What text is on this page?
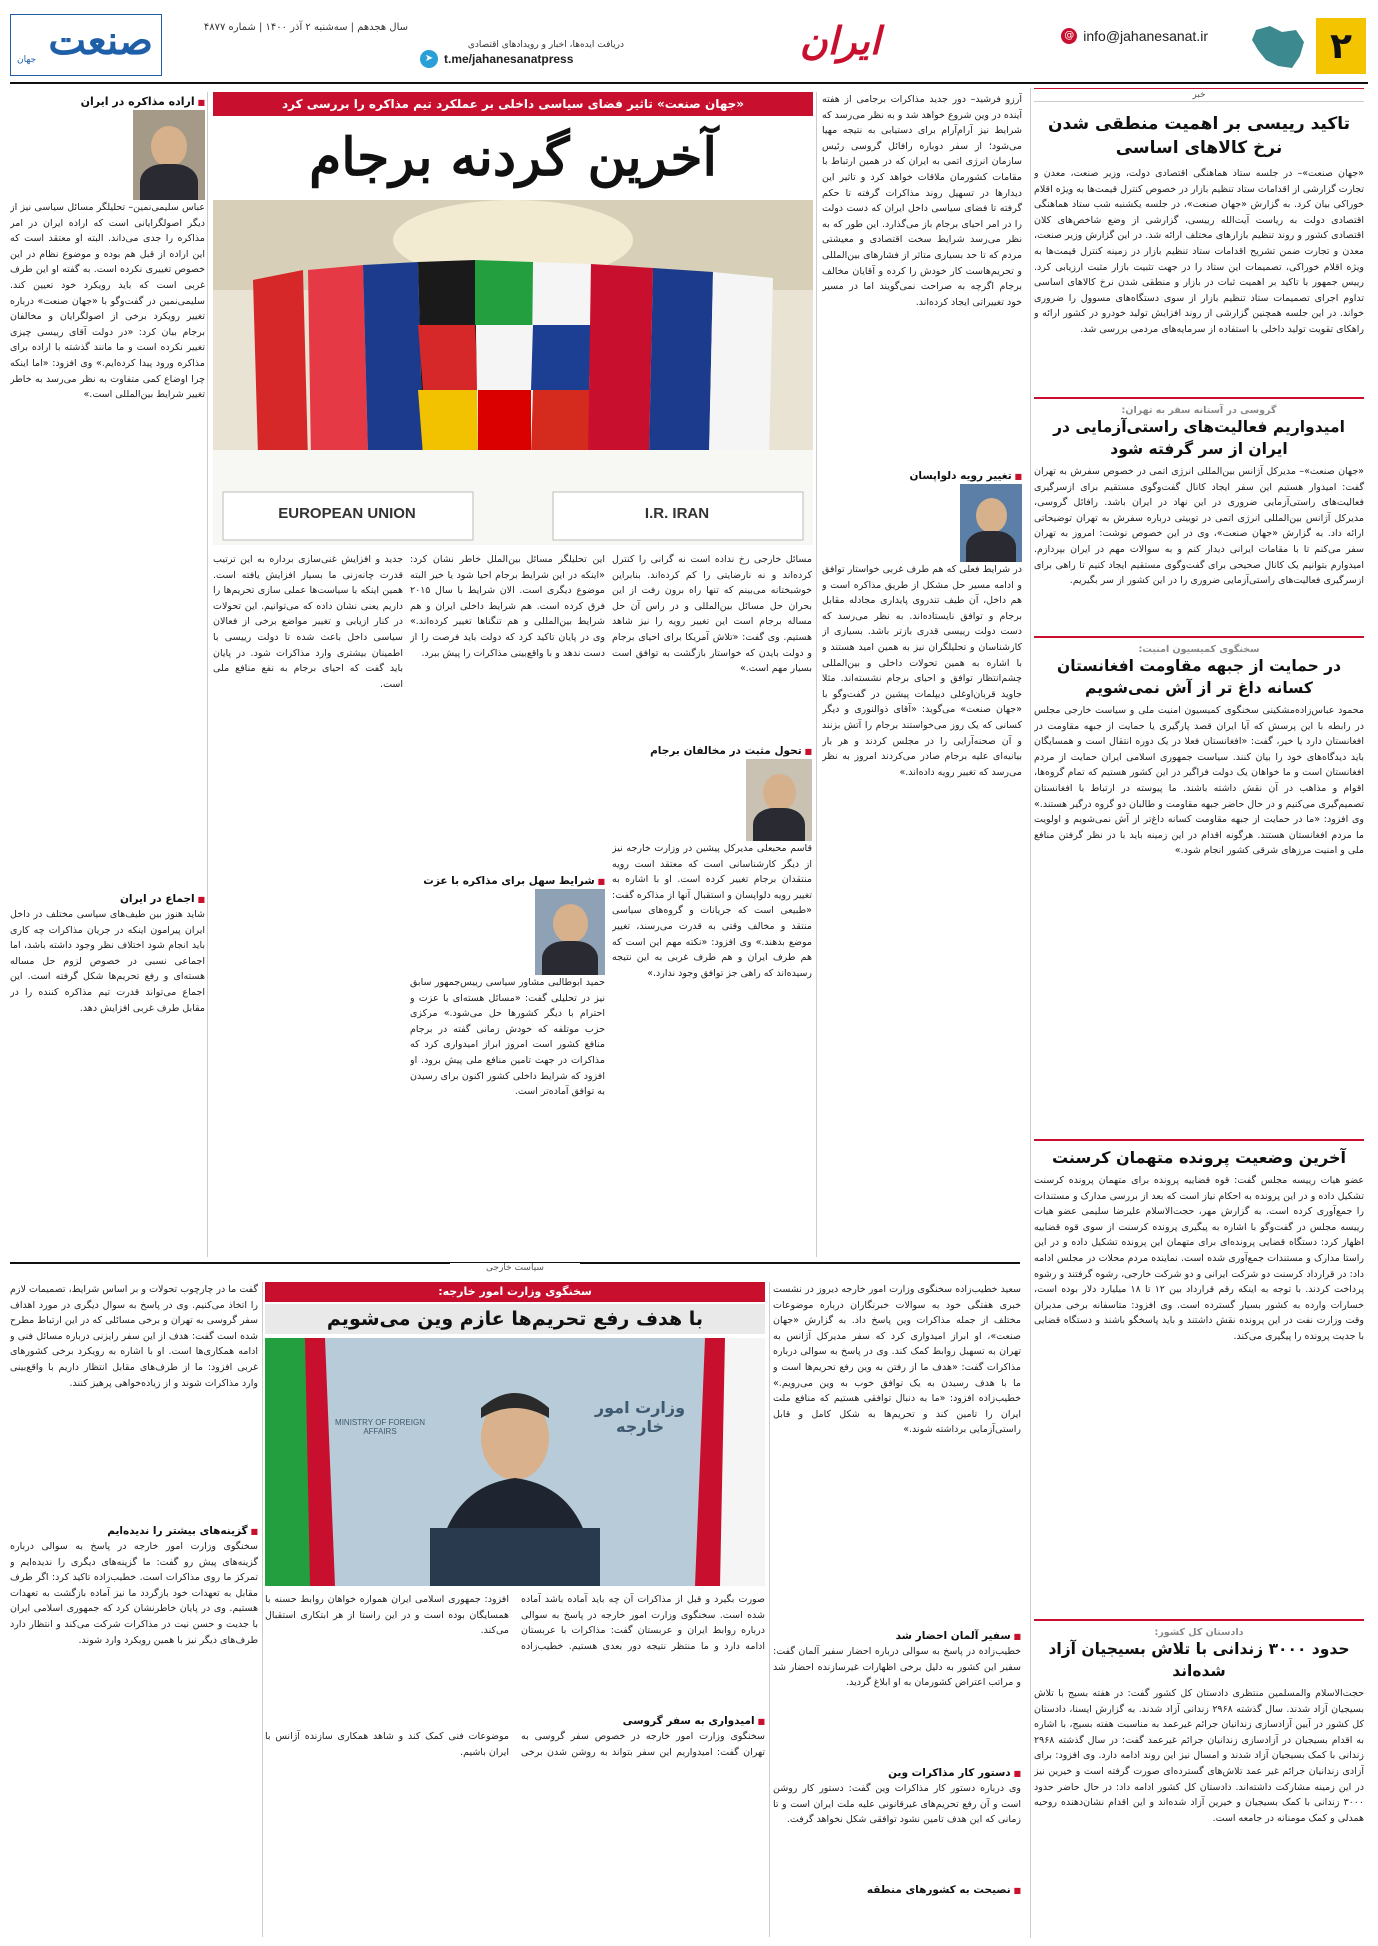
۲
@ info@jahanesanat.ir
ایران
دریافت ایده‌ها، اخبار و رویدادهای اقتصادی
t.me/jahanesanatpress
➤
سال هجدهم | سه‌شنبه ۲ آذر ۱۴۰۰ | شماره ۴۸۷۷
جهان صنعت
خبر
تاکید رییسی بر اهمیت منطقی شدن نرخ کالاهای اساسی
«جهان صنعت»– در جلسه ستاد هماهنگی اقتصادی دولت، وزیر صنعت، معدن و تجارت گزارشی از اقدامات ستاد تنظیم بازار در خصوص کنترل قیمت‌ها به ویژه اقلام خوراکی بیان کرد. به گزارش «جهان صنعت»، در جلسه یکشنبه شب ستاد هماهنگی اقتصادی دولت به ریاست آیت‌الله رییسی، گزارشی از وضع شاخص‌های کلان اقتصادی کشور و روند تنظیم بازار‌های مختلف ارائه شد. در این گزارش وزیر صنعت، معدن و تجارت ضمن تشریح اقدامات ستاد تنظیم بازار در زمینه کنترل قیمت‌ها به ویژه اقلام خوراکی، تصمیمات این ستاد را در جهت تثبیت بازار مثبت ارزیابی کرد. رییس جمهور با تاکید بر اهمیت ثبات در بازار و منطقی شدن نرخ کالاهای اساسی تداوم اجرای تصمیمات ستاد تنظیم بازار از سوی دستگاه‌های مسوول را ضروری خواند. در این جلسه همچنین گزارشی از روند افزایش تولید خودرو در کشور ارائه و راهکای تقویت تولید داخلی با استفاده از سرمایه‌های مردمی بررسی شد.
گروسی در آستانه سفر به تهران:
امیدواریم فعالیت‌های راستی‌آزمایی در ایران از سر گرفته شود
«جهان صنعت»– مدیرکل آژانس بین‌المللی انرژی اتمی در خصوص سفرش به تهران گفت: امیدوار هستیم این سفر ایجاد کانال گفت‌وگوی مستقیم برای ازسرگیری فعالیت‌های راستی‌آزمایی ضروری در این نهاد در ایران باشد. رافائل گروسی، مدیرکل آژانس بین‌المللی انرژی اتمی در توییتی درباره سفرش به تهران توضیحاتی ارائه داد. به گزارش «جهان صنعت»، وی در این خصوص نوشت: امروز به تهران سفر می‌کنم تا با مقامات ایرانی دیدار کنم و به سوالات مهم در ایران بپردازم. امیدوارم بتوانیم یک کانال صحیحی برای گفت‌وگوی مستقیم ایجاد کنیم تا راهی برای ازسرگیری فعالیت‌های راستی‌آزمایی ضروری را در این کشور از سر بگیریم.
سخنگوی کمیسیون امنیت:
در حمایت از جبهه مقاومت افغانستان کسانه داغ تر از آش نمی‌شویم
محمود عباس‌زاده‌مشکینی سخنگوی کمیسیون امنیت ملی و سیاست خارجی مجلس در رابطه با این پرسش که آیا ایران قصد پارگیری یا حمایت از جبهه مقاومت در افغانستان دارد یا خیر، گفت: «افغانستان فعلا در یک دوره انتقال است و همسایگان باید دیدگاه‌های خود را بیان کنند. سیاست جمهوری اسلامی ایران حمایت از مردم افغانستان است و ما خواهان یک دولت فراگیر در این کشور هستیم که تمام گروه‌ها، اقوام و مذاهب در آن نقش داشته باشند. ما پیوسته در ارتباط با افغانستان تصمیم‌گیری می‌کنیم و در حال حاضر جبهه مقاومت و طالبان دو گروه درگیر هستند.» وی افزود: «ما در حمایت از جبهه مقاومت کسانه داغ‌تر از آش نمی‌شویم و اولویت ما مردم افغانستان هستند. هرگونه اقدام در این زمینه باید با در نظر گرفتن منافع ملی و امنیت مرزهای شرقی کشور انجام شود.»
آخرین وضعیت پرونده متهمان کرسنت
عضو هیات رییسه مجلس گفت: قوه قضاییه پرونده برای متهمان پرونده کرسنت تشکیل داده و در این پرونده به احکام نیاز است که بعد از بررسی مدارک و مستندات را جمع‌آوری کرده است. به گزارش مهر، حجت‌الاسلام علیرضا سلیمی عضو هیات رییسه مجلس در گفت‌وگو با اشاره به پیگیری پرونده کرسنت از سوی قوه قضاییه اظهار کرد: دستگاه قضایی پرونده‌ای برای متهمان این پرونده تشکیل داده و در این راستا مدارک و مستندات جمع‌آوری شده است. نماینده مردم محلات در مجلس ادامه داد: در قرارداد کرسنت دو شرکت ایرانی و دو شرکت خارجی، رشوه گرفتند و رشوه پرداخت کردند. با توجه به اینکه رقم قرارداد بین ۱۲ تا ۱۸ میلیارد دلار بوده است، خسارات وارده به کشور بسیار گسترده است. وی افزود: متاسفانه برخی مدیران وقت وزارت نفت در این پرونده نقش داشتند و باید پاسخگو باشند و دستگاه قضایی با جدیت پرونده را پیگیری می‌کند.
دادستان کل کشور:
حدود ۳۰۰۰ زندانی با تلاش بسیجیان آزاد شده‌اند
حجت‌الاسلام والمسلمین منتظری دادستان کل کشور گفت: در هفته بسیج با تلاش بسیجیان آزاد شدند. سال گذشته ۲۹۶۸ زندانی آزاد شدند. به گزارش ایسنا، دادستان کل کشور در آیین آزادسازی زندانیان جرائم غیرعمد به مناسبت هفته بسیج، با اشاره به اقدام بسیجیان در آزادسازی زندانیان جرائم غیرعمد گفت: در سال گذشته ۲۹۶۸ زندانی با کمک بسیجیان آزاد شدند و امسال نیز این روند ادامه دارد. وی افزود: برای آزادی زندانیان جرائم غیر عمد تلاش‌های گسترده‌ای صورت گرفته است و خیرین نیز در این زمینه مشارکت داشته‌اند. دادستان کل کشور ادامه داد: در حال حاضر حدود ۳۰۰۰ زندانی با کمک بسیجیان و خیرین آزاد شده‌اند و این اقدام نشان‌دهنده روحیه همدلی و کمک مومنانه در جامعه است.
«جهان صنعت» تاثیر فضای سیاسی داخلی بر عملکرد تیم مذاکره را بررسی کرد
آخرین گردنه برجام
EUROPEAN UNION	I.R. IRAN
آرزو فرشید– دور جدید مذاکرات برجامی از هفته آینده در وین شروع خواهد شد و به نظر می‌رسد که شرایط نیز آرام‌آرام برای دستیابی به نتیجه مهیا می‌شود؛ از سفر دوباره رافائل گروسی رئیس سازمان انرژی اتمی به ایران که در همین ارتباط با مقامات کشورمان ملاقات خواهد کرد و تاثیر این دیدارها در تسهیل روند مذاکرات گرفته تا حکم گرفته تا فضای سیاسی داخل ایران که دست دولت را در امر احیای برجام باز می‌گذارد. این طور که به نظر می‌رسد شرایط سخت اقتصادی و معیشتی مردم که تا حد بسیاری متاثر از فشارهای بین‌المللی و تحریم‌هاست کار خودش را کرده و آقایان مخالف برجام اگرچه به صراحت نمی‌گویند اما در مسیر خود تغییراتی ایجاد کرده‌اند.
■ تغییر رویه دلواپسان
در شرایط فعلی که هم طرف غربی خواستار توافق و ادامه مسیر حل مشکل از طریق مذاکره است و هم داخل، آن طیف تندروی پایداری مجادله مقابل برجام و توافق نایستاده‌اند. به نظر می‌رسد که دست دولت رییسی قدری بازتر باشد. بسیاری از کارشناسان و تحلیلگران نیز به همین امید هستند و با اشاره به همین تحولات داخلی و بین‌المللی چشم‌انتظار توافق و احیای برجام نشسته‌اند. مثلا جاوید قربان‌اوغلی دیپلمات پیشین در گفت‌وگو با «جهان صنعت» می‌گوید: «آقای ذوالنوری و دیگر کسانی که یک روز می‌خواستند برجام را آتش بزنند و آن صحنه‌آرایی را در مجلس کردند و هر بار بیانیه‌ای علیه برجام صادر می‌کردند امروز به نظر می‌رسد که تغییر رویه داده‌اند.»
مسائل خارجی رخ نداده است نه گرانی را کنترل کرده‌اند و نه نارضایتی را کم کرده‌اند. بنابراین خوشبختانه می‌بینم که تنها راه برون رفت از این بحران حل مسائل بین‌المللی و در راس آن حل مساله برجام است این تغییر رویه را نیز شاهد هستیم. وی گفت: «تلاش آمریکا برای احیای برجام و دولت بایدن که خواستار بازگشت به توافق است بسیار مهم است.»
■ تحول مثبت در مخالفان برجام
قاسم محبعلی مدیرکل پیشین در وزارت خارجه نیز از دیگر کارشناسانی است که معتقد است رویه منتقدان برجام تغییر کرده است. او با اشاره به تغییر رویه دلواپسان و استقبال آنها از مذاکره گفت: «طبیعی است که جریانات و گروه‌های سیاسی منتقد و مخالف وقتی به قدرت می‌رسند، تغییر موضع بدهند.» وی افزود: «نکته مهم این است که هم طرف ایران و هم طرف غربی به این نتیجه رسیده‌اند که راهی جز توافق وجود ندارد.»
این تحلیلگر مسائل بین‌الملل خاطر نشان کرد: «اینکه در این شرایط برجام احیا شود یا خیر البته موضوع دیگری است. الان شرایط با سال ۲۰۱۵ فرق کرده است. هم شرایط داخلی ایران و هم شرایط بین‌المللی و هم‌ تنگناها‌ تغییر کرده‌اند.» وی در پایان تاکید کرد که دولت باید فرصت را از دست ندهد و با واقع‌بینی مذاکرات را پیش ببرد.
■ شرایط سهل برای مذاکره با عزت
حمید ابوطالبی مشاور سیاسی رییس‌جمهور سابق نیز در تحلیلی گفت: «مسائل هسته‌ای با عزت و احترام با دیگر کشورها حل می‌شود.» مرکزی حزب موتلفه که خودش زمانی گفته در برجام منافع کشور است امروز ابراز امیدواری کرد که مذاکرات در جهت تامین منافع ملی پیش برود. او افزود که شرایط داخلی کشور اکنون برای رسیدن به توافق آماده‌تر است.
جدید و افزایش غنی‌سازی برداره به این ترتیب قدرت چانه‌زنی ما بسیار افزایش یافته است. همین اینکه با سیاست‌ها عملی سازی تحریم‌ها را داریم یعنی نشان داده که می‌توانیم. این تحولات در کنار ازیابی و تغییر مواضع برخی از فعالان سیاسی داخل باعث شده تا دولت رییسی با اطمینان بیشتری وارد مذاکرات شود. در پایان باید گفت که احیای برجام به نفع منافع ملی است.
■ اراده مذاکره در ایران
عباس سلیمی‌نمین– تحلیلگر مسائل سیاسی نیز از دیگر اصولگرایانی است که اراده ایران در امر مذاکره را جدی می‌داند. البته او معتقد است که این اراده از قبل هم بوده و موضوع نظام در این خصوص تغییری نکرده است. به گفته او این طرف غربی است که باید رویکرد خود تعیین کند. سلیمی‌نمین در گفت‌وگو با «جهان صنعت» درباره تغییر رویکرد برخی از اصولگرایان و مخالفان برجام بیان کرد: «در دولت آقای رییسی چیزی تغییر نکرده است و ما مانند گذشته با اراده برای مذاکره ورود پیدا کرده‌ایم.» وی افزود: «اما اینکه چرا اوضاع کمی متفاوت به نظر می‌رسد به خاطر تغییر شرایط بین‌المللی است.»
■ اجماع در ایران
شاید هنوز بین طیف‌های سیاسی مختلف در داخل ایران پیرامون اینکه در جریان مذاکرات چه کاری باید انجام شود اختلاف نظر وجود داشته باشد، اما اجماعی نسبی در خصوص لزوم حل مساله هسته‌ای و رفع تحریم‌ها شکل گرفته است. این اجماع می‌تواند قدرت تیم مذاکره کننده را در مقابل طرف غربی افزایش دهد.
سیاست خارجی
سخنگوی وزارت امور خارجه:
با هدف رفع تحریم‌ها عازم وین می‌شویم
وزارت امور خارجه
MINISTRY OF FOREIGN AFFAIRS
سعید خطیب‌زاده سخنگوی وزارت امور خارجه دیروز در نشست خبری هفتگی خود به سوالات خبرنگاران درباره موضوعات مختلف از جمله مذاکرات وین پاسخ داد. به گزارش «جهان صنعت»، او ابراز امیدواری کرد که سفر مدیرکل آژانس به تهران به تسهیل روابط کمک کند. وی در پاسخ به سوالی درباره مذاکرات گفت: «هدف ما از رفتن به وین رفع تحریم‌ها است و ما با هدف رسیدن به یک توافق خوب به وین می‌رویم.» خطیب‌زاده افزود: «ما به دنبال توافقی هستیم که منافع ملت ایران را تامین کند و تحریم‌ها به شکل کامل و قابل راستی‌آزمایی برداشته شوند.»
■ سفیر آلمان احضار شد
خطیب‌زاده در پاسخ به سوالی درباره احضار سفیر آلمان گفت: سفیر این کشور به دلیل برخی اظهارات غیرسازنده احضار شد و مراتب اعتراض کشورمان به او ابلاغ گردید.
■ دستور کار مذاکرات وین
وی درباره دستور کار مذاکرات وین گفت: دستور کار روشن است و آن رفع تحریم‌های غیرقانونی علیه ملت ایران است و تا زمانی که این هدف تامین نشود توافقی شکل نخواهد گرفت.
■ نصیحت به کشورهای منطقه
صورت بگیرد و قبل از مذاکرات آن چه باید آماده باشد آماده شده است. سخنگوی وزارت امور خارجه در پاسخ به سوالی درباره روابط ایران و عربستان گفت: مذاکرات با عربستان ادامه دارد و ما منتظر نتیجه دور بعدی هستیم. خطیب‌زاده افزود: جمهوری اسلامی ایران همواره خواهان روابط حسنه با همسایگان بوده است و در این راستا از هر ابتکاری استقبال می‌کند.
■ امیدواری به سفر گروسی
سخنگوی وزارت امور خارجه در خصوص سفر گروسی به تهران گفت: امیدواریم این سفر بتواند به روشن شدن برخی موضوعات فنی کمک کند و شاهد همکاری سازنده آژانس با ایران باشیم.
گفت ما در چارچوب تحولات و بر اساس شرایط، تصمیمات لازم را اتخاذ می‌کنیم. وی در پاسخ به سوال دیگری در مورد اهداف سفر گروسی به تهران و برخی مسائلی که در این ارتباط مطرح شده است گفت: هدف از این سفر رایزنی درباره مسائل فنی و ادامه همکاری‌ها است. او با اشاره به رویکرد برخی کشورهای غربی افزود: ما از طرف‌های مقابل انتظار داریم با واقع‌بینی وارد مذاکرات شوند و از زیاده‌خواهی پرهیز کنند.
■ گزینه‌های بیشتر را ندیده‌ایم
سخنگوی وزارت امور خارجه در پاسخ به سوالی درباره گزینه‌های پیش رو گفت: ما گزینه‌های دیگری را ندیده‌ایم و تمرکز ما روی مذاکرات است. خطیب‌زاده تاکید کرد: اگر طرف مقابل به تعهدات خود بازگردد ما نیز آماده بازگشت به تعهدات هستیم. وی در پایان خاطرنشان کرد که جمهوری اسلامی ایران با جدیت و حسن نیت در مذاکرات شرکت می‌کند و انتظار دارد طرف‌های دیگر نیز با همین رویکرد وارد شوند.
